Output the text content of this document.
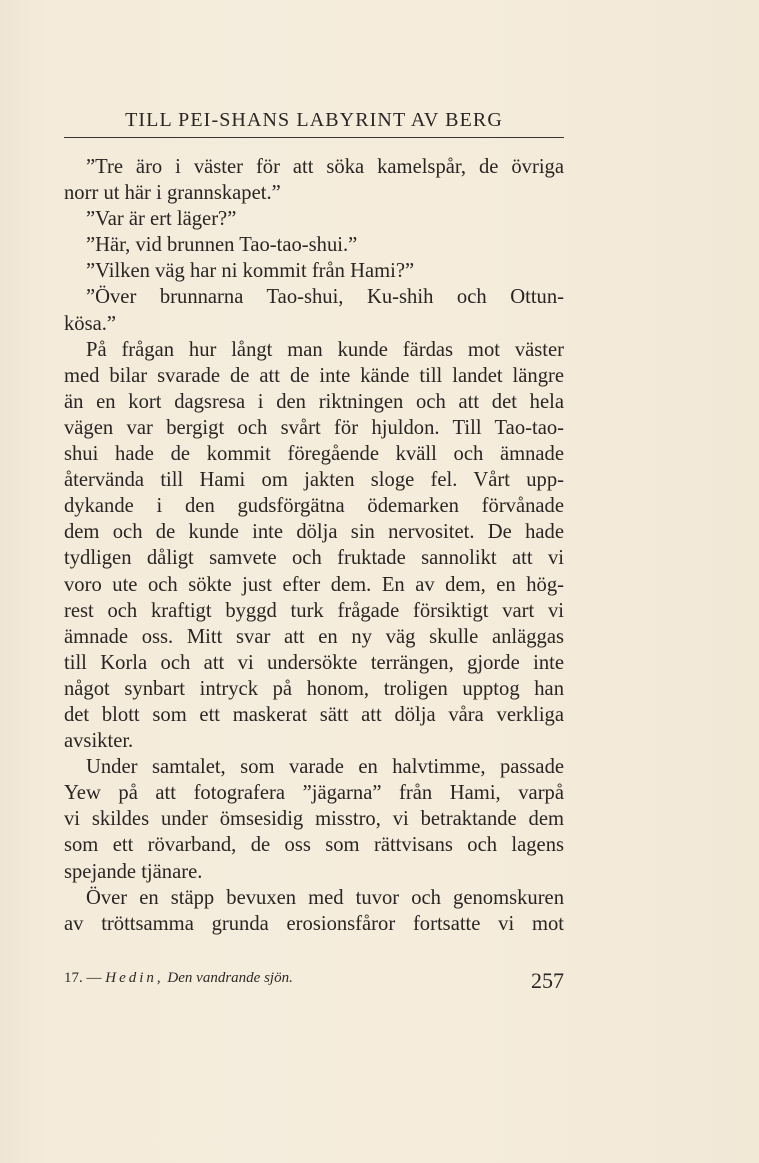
TILL PEI-SHANS LABYRINT AV BERG
”Tre äro i väster för att söka kamelspår, de övriga
norr ut här i grannskapet.”
”Var är ert läger?”
”Här, vid brunnen Tao-tao-shui.”
”Vilken väg har ni kommit från Hami?”
”Över brunnarna Tao-shui, Ku-shih och Ottun-
kösa.”
På frågan hur långt man kunde färdas mot väster
med bilar svarade de att de inte kände till landet längre
än en kort dagsresa i den riktningen och att det hela
vägen var bergigt och svårt för hjuldon. Till Tao-tao-
shui hade de kommit föregående kväll och ämnade
återvända till Hami om jakten sloge fel. Vårt upp-
dykande i den gudsförgätna ödemarken förvånade
dem och de kunde inte dölja sin nervositet. De hade
tydligen dåligt samvete och fruktade sannolikt att vi
voro ute och sökte just efter dem. En av dem, en hög-
rest och kraftigt byggd turk frågade försiktigt vart vi
ämnade oss. Mitt svar att en ny väg skulle anläggas
till Korla och att vi undersökte terrängen, gjorde inte
något synbart intryck på honom, troligen upptog han
det blott som ett maskerat sätt att dölja våra verkliga
avsikter.
Under samtalet, som varade en halvtimme, passade
Yew på att fotografera ”jägarna” från Hami, varpå
vi skildes under ömsesidig misstro, vi betraktande dem
som ett rövarband, de oss som rättvisans och lagens
spejande tjänare.
Över en stäpp bevuxen med tuvor och genomskuren
av tröttsamma grunda erosionsfåror fortsatte vi mot
17. — Hedin, Den vandrande sjön.	257
